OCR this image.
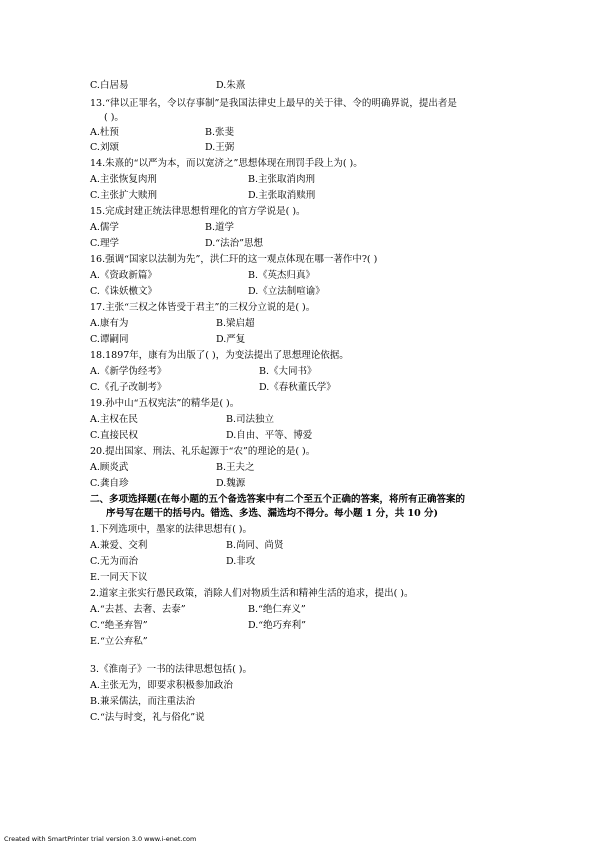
C.白居易	D.朱熹
13.“律以正罪名，令以存事制”是我国法律史上最早的关于律、令的明确界说，提出者是
( )。
A.杜预	B.张斐
C.刘颂	D.王弼
14.朱熹的“以严为本，而以宽济之”思想体现在刑罚手段上为( )。
A.主张恢复肉刑	B.主张取消肉刑
C.主张扩大赎刑	D.主张取消赎刑
15.完成封建正统法律思想哲理化的官方学说是( )。
A.儒学	B.道学
C.理学	D.“法治”思想
16.强调“国家以法制为先”，洪仁玕的这一观点体现在哪一著作中?( )
A.《资政新篇》	B.《英杰归真》
C.《诛妖檄文》	D.《立法制喧谕》
17.主张“三权之体皆受于君主”的三权分立说的是( )。
A.康有为	B.梁启超
C.谭嗣同	D.严复
18.1897年，康有为出版了( )，为变法提出了思想理论依据。
A.《新学伪经考》	B.《大同书》
C.《孔子改制考》	D.《春秋董氏学》
19.孙中山“五权宪法”的精华是( )。
A.主权在民	B.司法独立
C.直接民权	D.自由、平等、博爱
20.提出国家、刑法、礼乐起源于“农”的理论的是( )。
A.顾炎武	B.王夫之
C.龚自珍	D.魏源
二、多项选择题(在每小题的五个备选答案中有二个至五个正确的答案，将所有正确答案的
序号写在题干的括号内。错选、多选、漏选均不得分。每小题 1 分，共 10 分)
1.下列选项中，墨家的法律思想有( )。
A.兼爱、交利	B.尚同、尚贤
C.无为而治	D.非攻
E.一同天下议
2.道家主张实行愚民政策，消除人们对物质生活和精神生活的追求，提出( )。
A.“去甚、去奢、去泰”	B.“绝仁弃义”
C.“绝圣弃智”	D.“绝巧弃利”
E.“立公弃私”
3.《淮南子》一书的法律思想包括( )。
A.主张无为，即要求积极参加政治
B.兼采儒法，而注重法治
C.“法与时变，礼与俗化”说
Created with SmartPrinter trial version 3.0 www.i-enet.com
